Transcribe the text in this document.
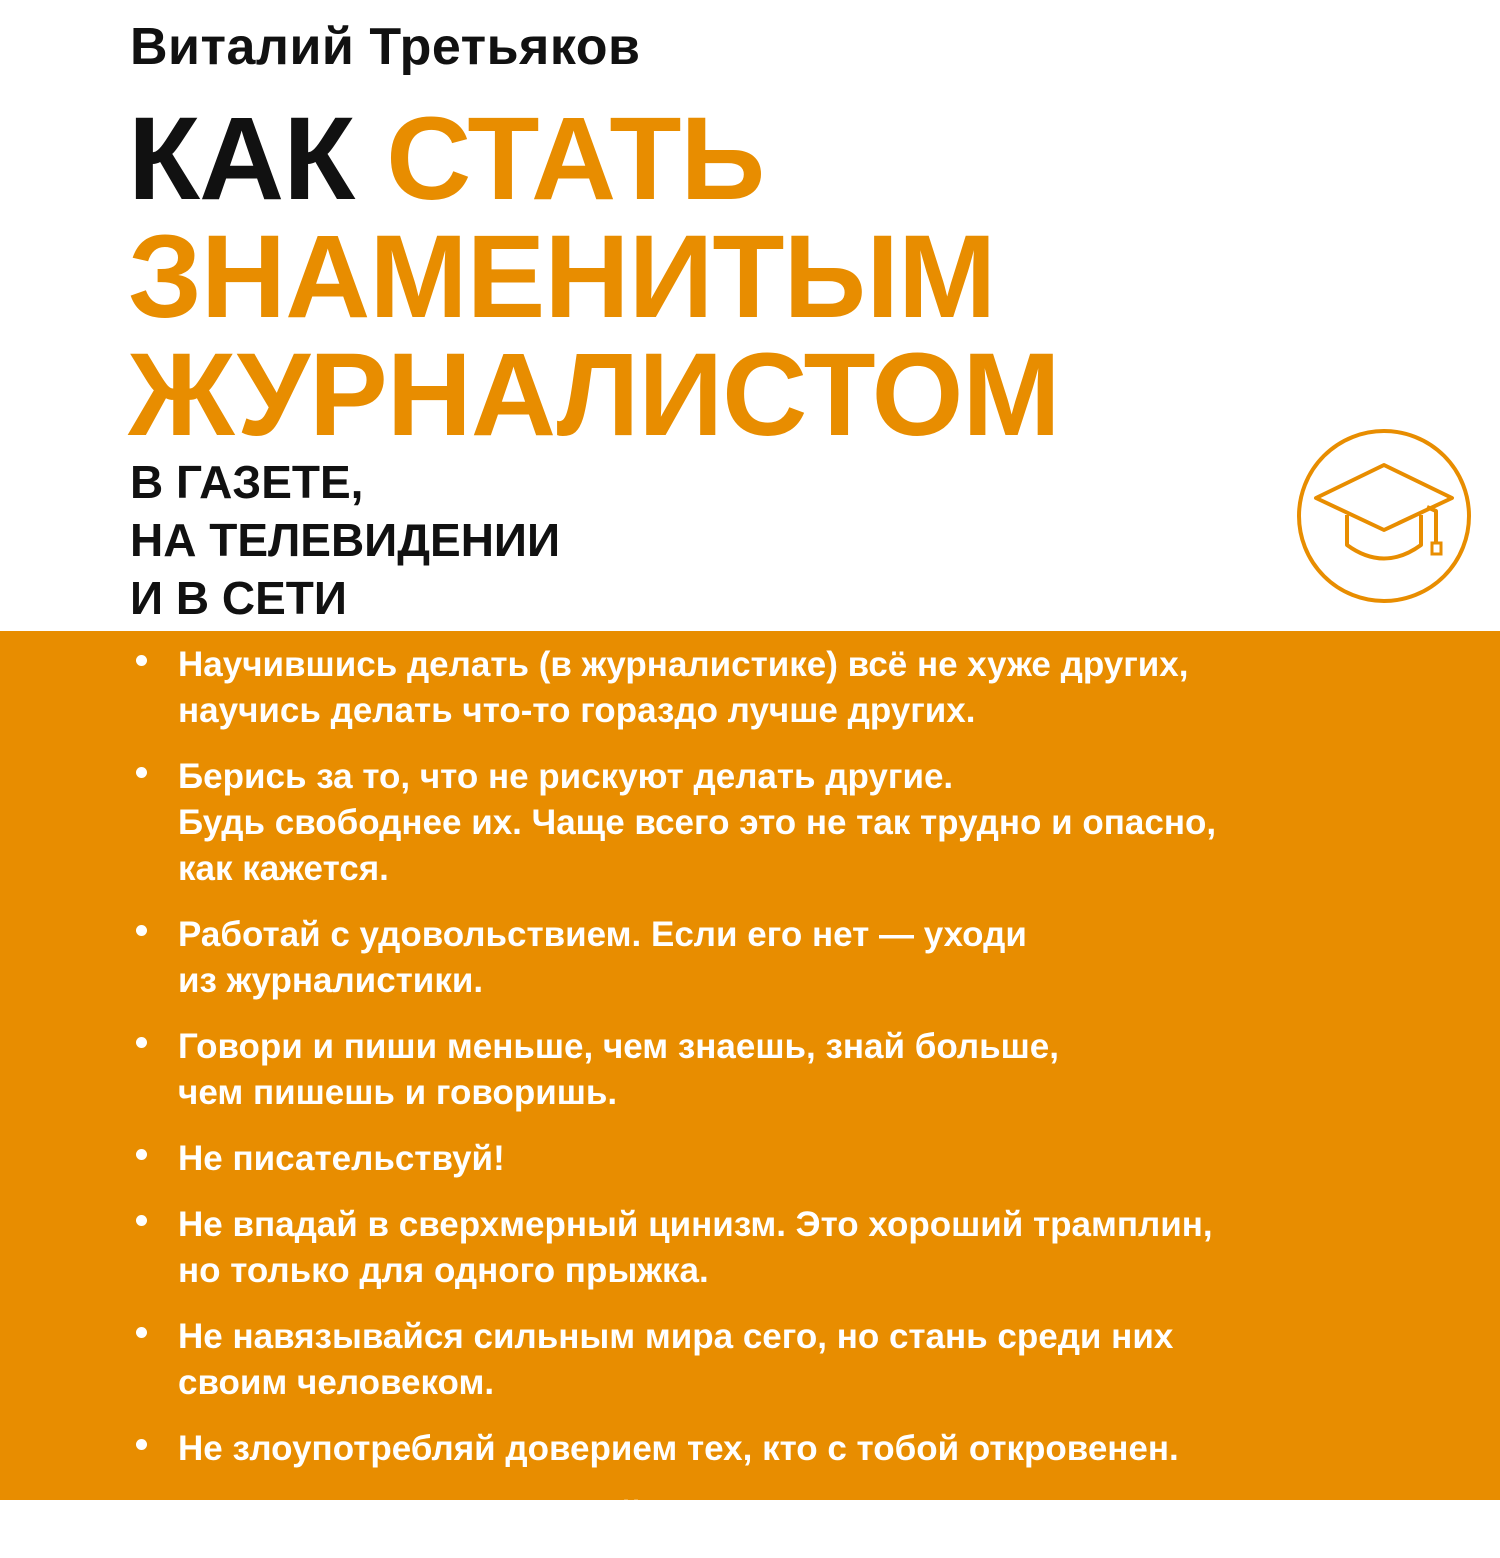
Виталий Третьяков
КАК СТАТЬ
ЗНАМЕНИТЫМ
ЖУРНАЛИСТОМ
В ГАЗЕТЕ,
НА ТЕЛЕВИДЕНИИ
И В СЕТИ
Научившись делать (в журналистике) всё не хуже других,
научись делать что-то гораздо лучше других.
Берись за то, что не рискуют делать другие.
Будь свободнее их. Чаще всего это не так трудно и опасно,
как кажется.
Работай с удовольствием. Если его нет — уходи
из журналистики.
Говори и пиши меньше, чем знаешь, знай больше,
чем пишешь и говоришь.
Не писательствуй!
Не впадай в сверхмерный цинизм. Это хороший трамплин,
но только для одного прыжка.
Не навязывайся сильным мира сего, но стань среди них
своим человеком.
Не злоупотребляй доверием тех, кто с тобой откровенен.
Суди свои тексты суровей, чем тексты других. Но не вслух.
